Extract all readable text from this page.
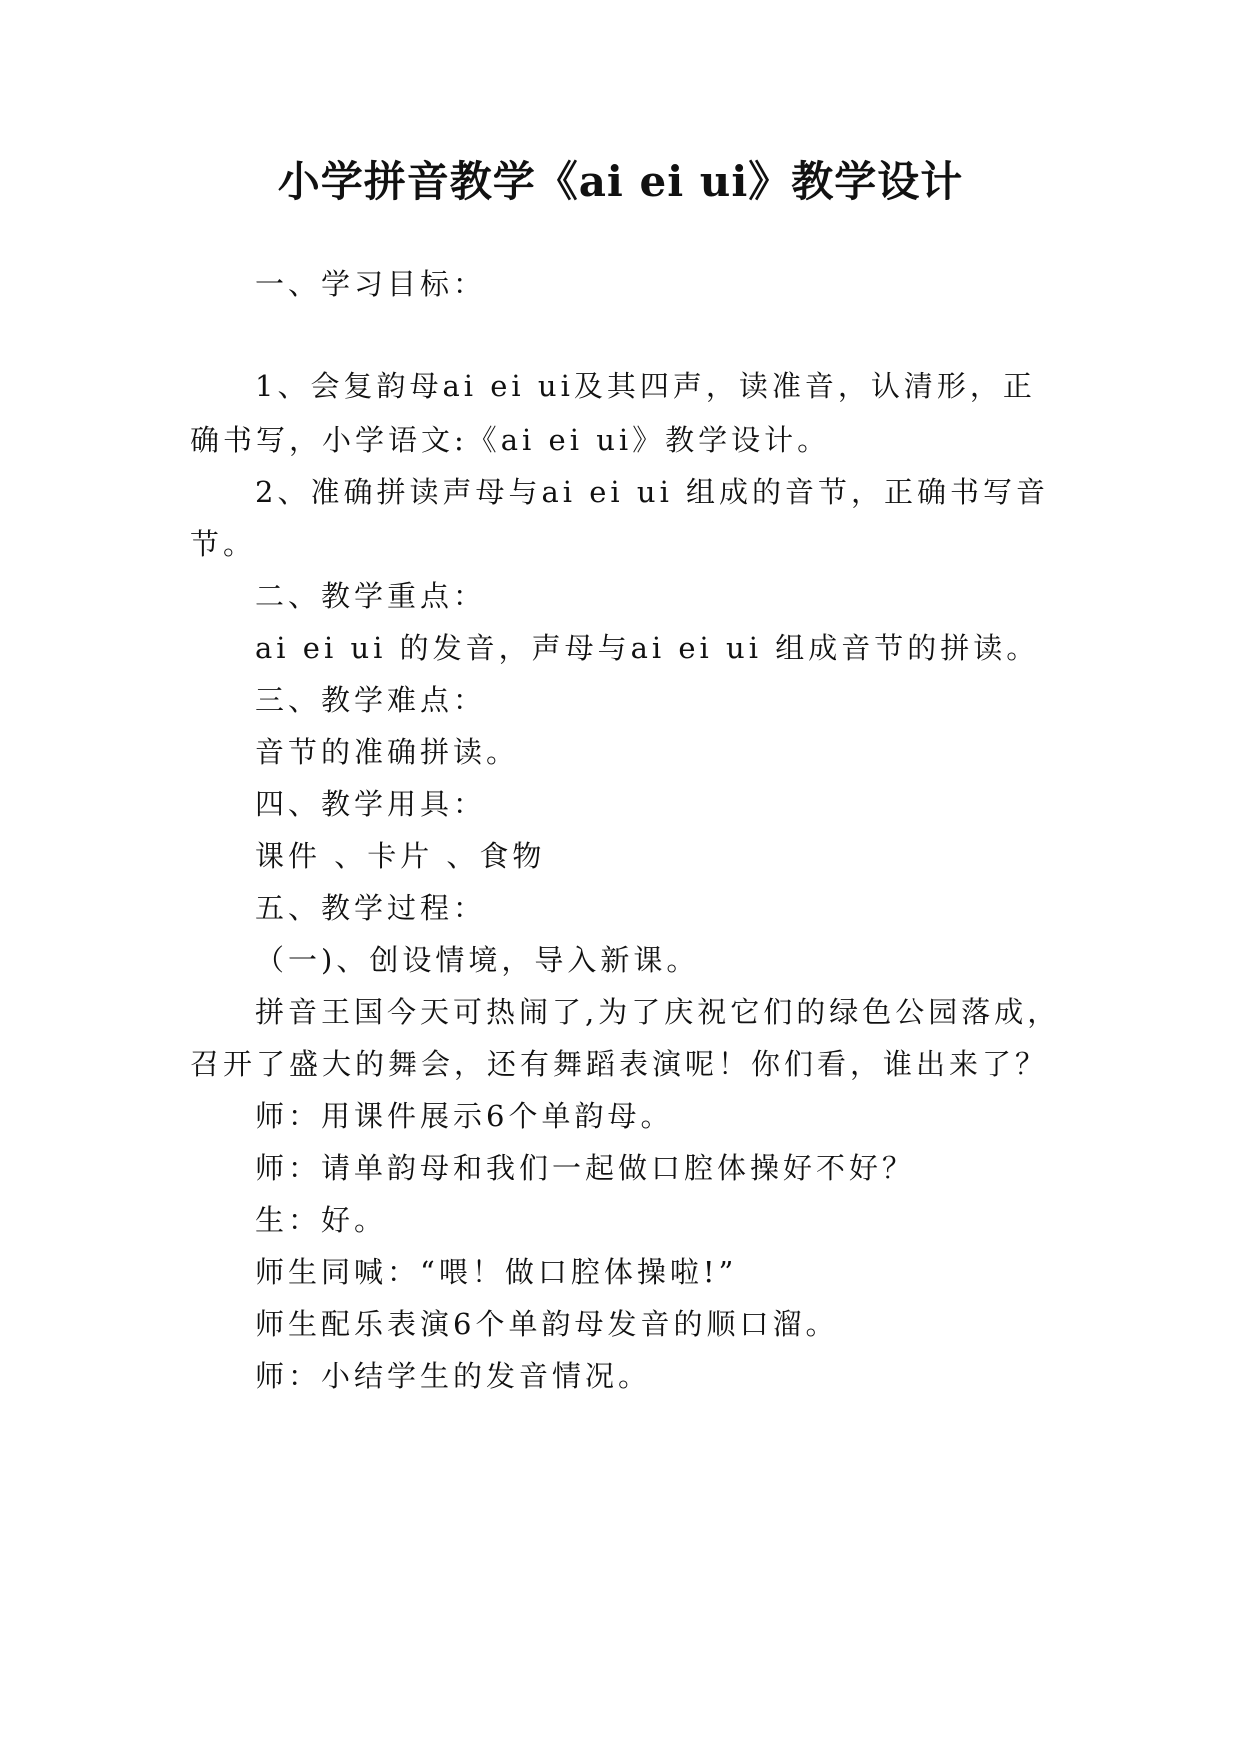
小学拼音教学《ai ei ui》教学设计
一、学习目标：
1、会复韵母ai ei ui及其四声，读准音，认清形，正
确书写，小学语文:《ai ei ui》教学设计。
2、准确拼读声母与ai ei ui 组成的音节，正确书写音
节。
二、教学重点：
ai ei ui 的发音，声母与ai ei ui 组成音节的拼读。
三、教学难点：
音节的准确拼读。
四、教学用具：
课件 、卡片 、食物
五、教学过程：
（一)、创设情境，导入新课。
拼音王国今天可热闹了,为了庆祝它们的绿色公园落成，
召开了盛大的舞会，还有舞蹈表演呢！你们看，谁出来了？
师：用课件展示6个单韵母。
师：请单韵母和我们一起做口腔体操好不好？
生：好。
师生同喊：“喂！做口腔体操啦!”
师生配乐表演6个单韵母发音的顺口溜。
师：小结学生的发音情况。
